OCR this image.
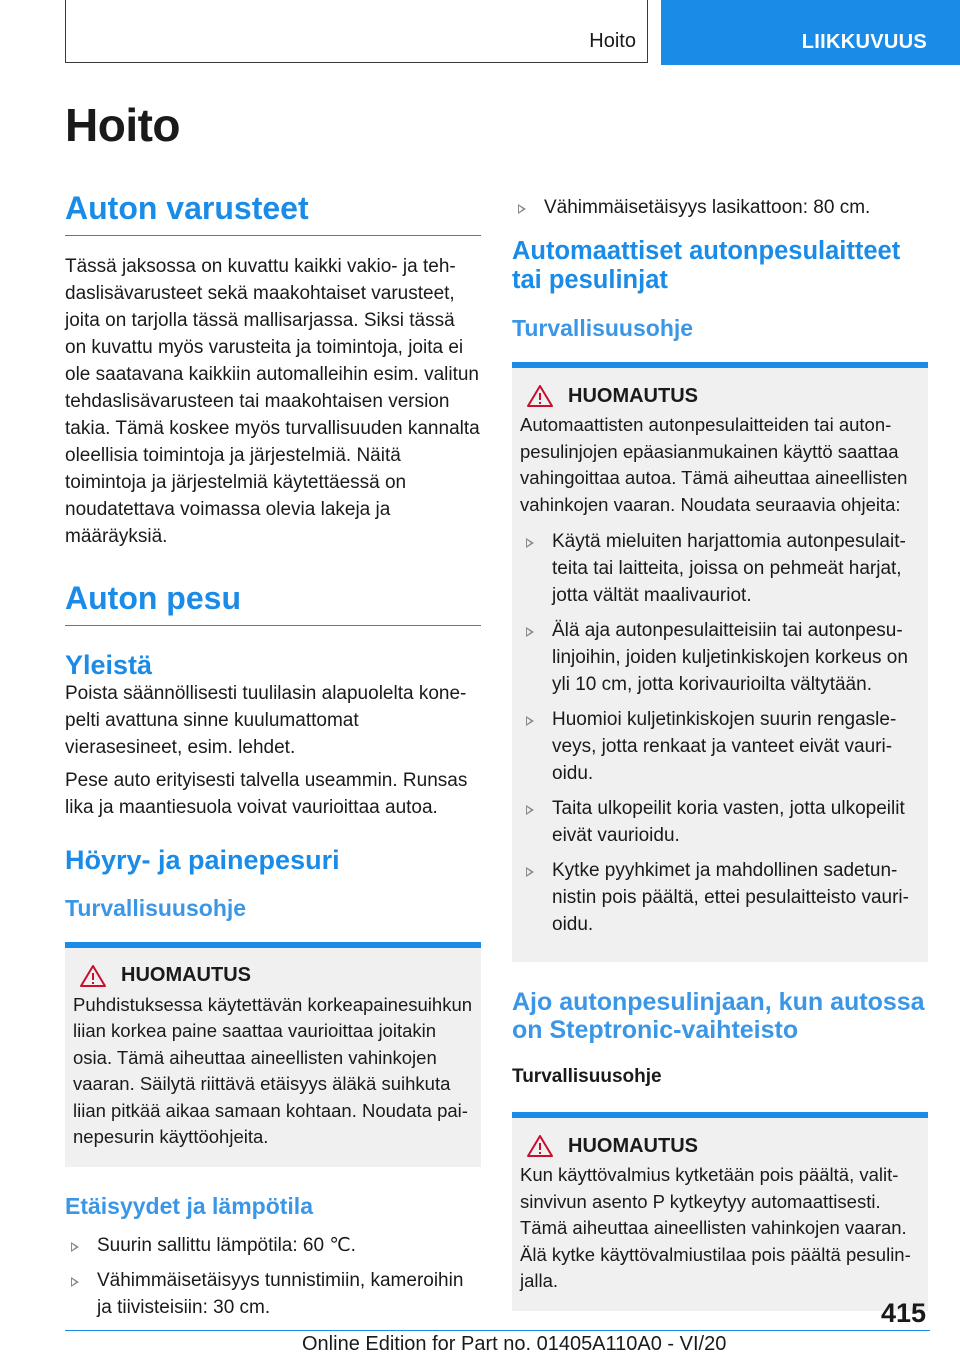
Hoito	LIIKKUVUUS
Hoito
Auton varusteet

Tässä jaksossa on kuvattu kaikki vakio- ja tehdaslisävarusteet sekä maakohtaiset varusteet, joita on tarjolla tässä mallisarjassa. Siksi tässä on kuvattu myös varusteita ja toimintoja, joita ei ole saatavana kaikkiin automalleihin esim. valitun tehdaslisävarusteen tai maakohtaisen version takia. Tämä koskee myös turvallisuuden kannalta oleellisia toimintoja ja järjestelmiä. Näitä toimintoja ja järjestelmiä käytettäessä on noudatettava voimassa olevia lakeja ja määräyksiä.

Auton pesu
Yleistä

Poista säännöllisesti tuulilasin alapuolelta konepelti avattuna sinne kuulumattomat vierasesineet, esim. lehdet.

Pese auto erityisesti talvella useammin. Runsas lika ja maantiesuola voivat vaurioittaa autoa.

Höyry- ja painepesuri
Turvallisuusohje
HUOMAUTUS

Puhdistuksessa käytettävän korkeapainesuihkun liian korkea paine saattaa vaurioittaa joitakin osia. Tämä aiheuttaa aineellisten vahinkojen vaaran. Säilytä riittävä etäisyys äläkä suihkuta liian pitkää aikaa samaan kohtaan. Noudata painepesurin käyttöohjeita.

Etäisyydet ja lämpötila
Suurin sallittu lämpötila: 60 ℃.
Vähimmäisetäisyys tunnistimiin, kameroihin ja tiivisteisiin: 30 cm.
Vähimmäisetäisyys lasikattoon: 80 cm.
Automaattiset autonpesulaitteet tai pesulinjat
Turvallisuusohje
HUOMAUTUS

Automaattisten autonpesulaitteiden tai autonpesulinjojen epäasianmukainen käyttö saattaa vahingoittaa autoa. Tämä aiheuttaa aineellisten vahinkojen vaaran. Noudata seuraavia ohjeita:

Käytä mieluiten harjattomia autonpesulaitteita tai laitteita, joissa on pehmeät harjat, jotta vältät maalivauriot.
Älä aja autonpesulaitteisiin tai autonpesulinjoihin, joiden kuljetinkiskojen korkeus on yli 10 cm, jotta korivaurioilta vältytään.
Huomioi kuljetinkiskojen suurin rengasleveys, jotta renkaat ja vanteet eivät vaurioidu.
Taita ulkopeilit koria vasten, jotta ulkopeilit eivät vaurioidu.
Kytke pyyhkimet ja mahdollinen sadetunnistin pois päältä, ettei pesulaitteisto vaurioidu.
Ajo autonpesulinjaan, kun autossa on Steptronic-vaihteisto
Turvallisuusohje
HUOMAUTUS

Kun käyttövalmius kytketään pois päältä, valitsinvivun asento P kytkeytyy automaattisesti. Tämä aiheuttaa aineellisten vahinkojen vaaran. Älä kytke käyttövalmiustilaa pois päältä pesulinjalla.

415
Online Edition for Part no. 01405A110A0 - VI/20
